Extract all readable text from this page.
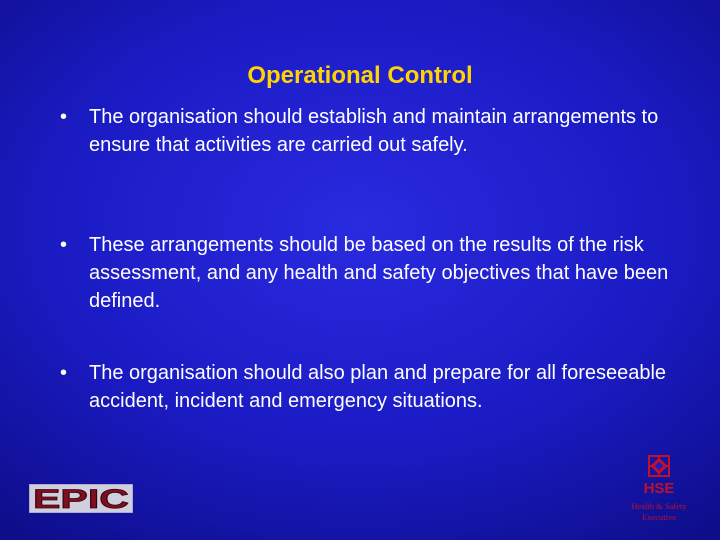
Operational Control
•	The organisation should establish and maintain arrangements to ensure that activities are carried out safely.
•	These arrangements should be based on the results of the risk assessment, and any health and safety objectives that have been defined.
•	The organisation should also plan and prepare for all foreseeable accident, incident and emergency situations.
EPIC	HSE
Health & Safety
Executive
